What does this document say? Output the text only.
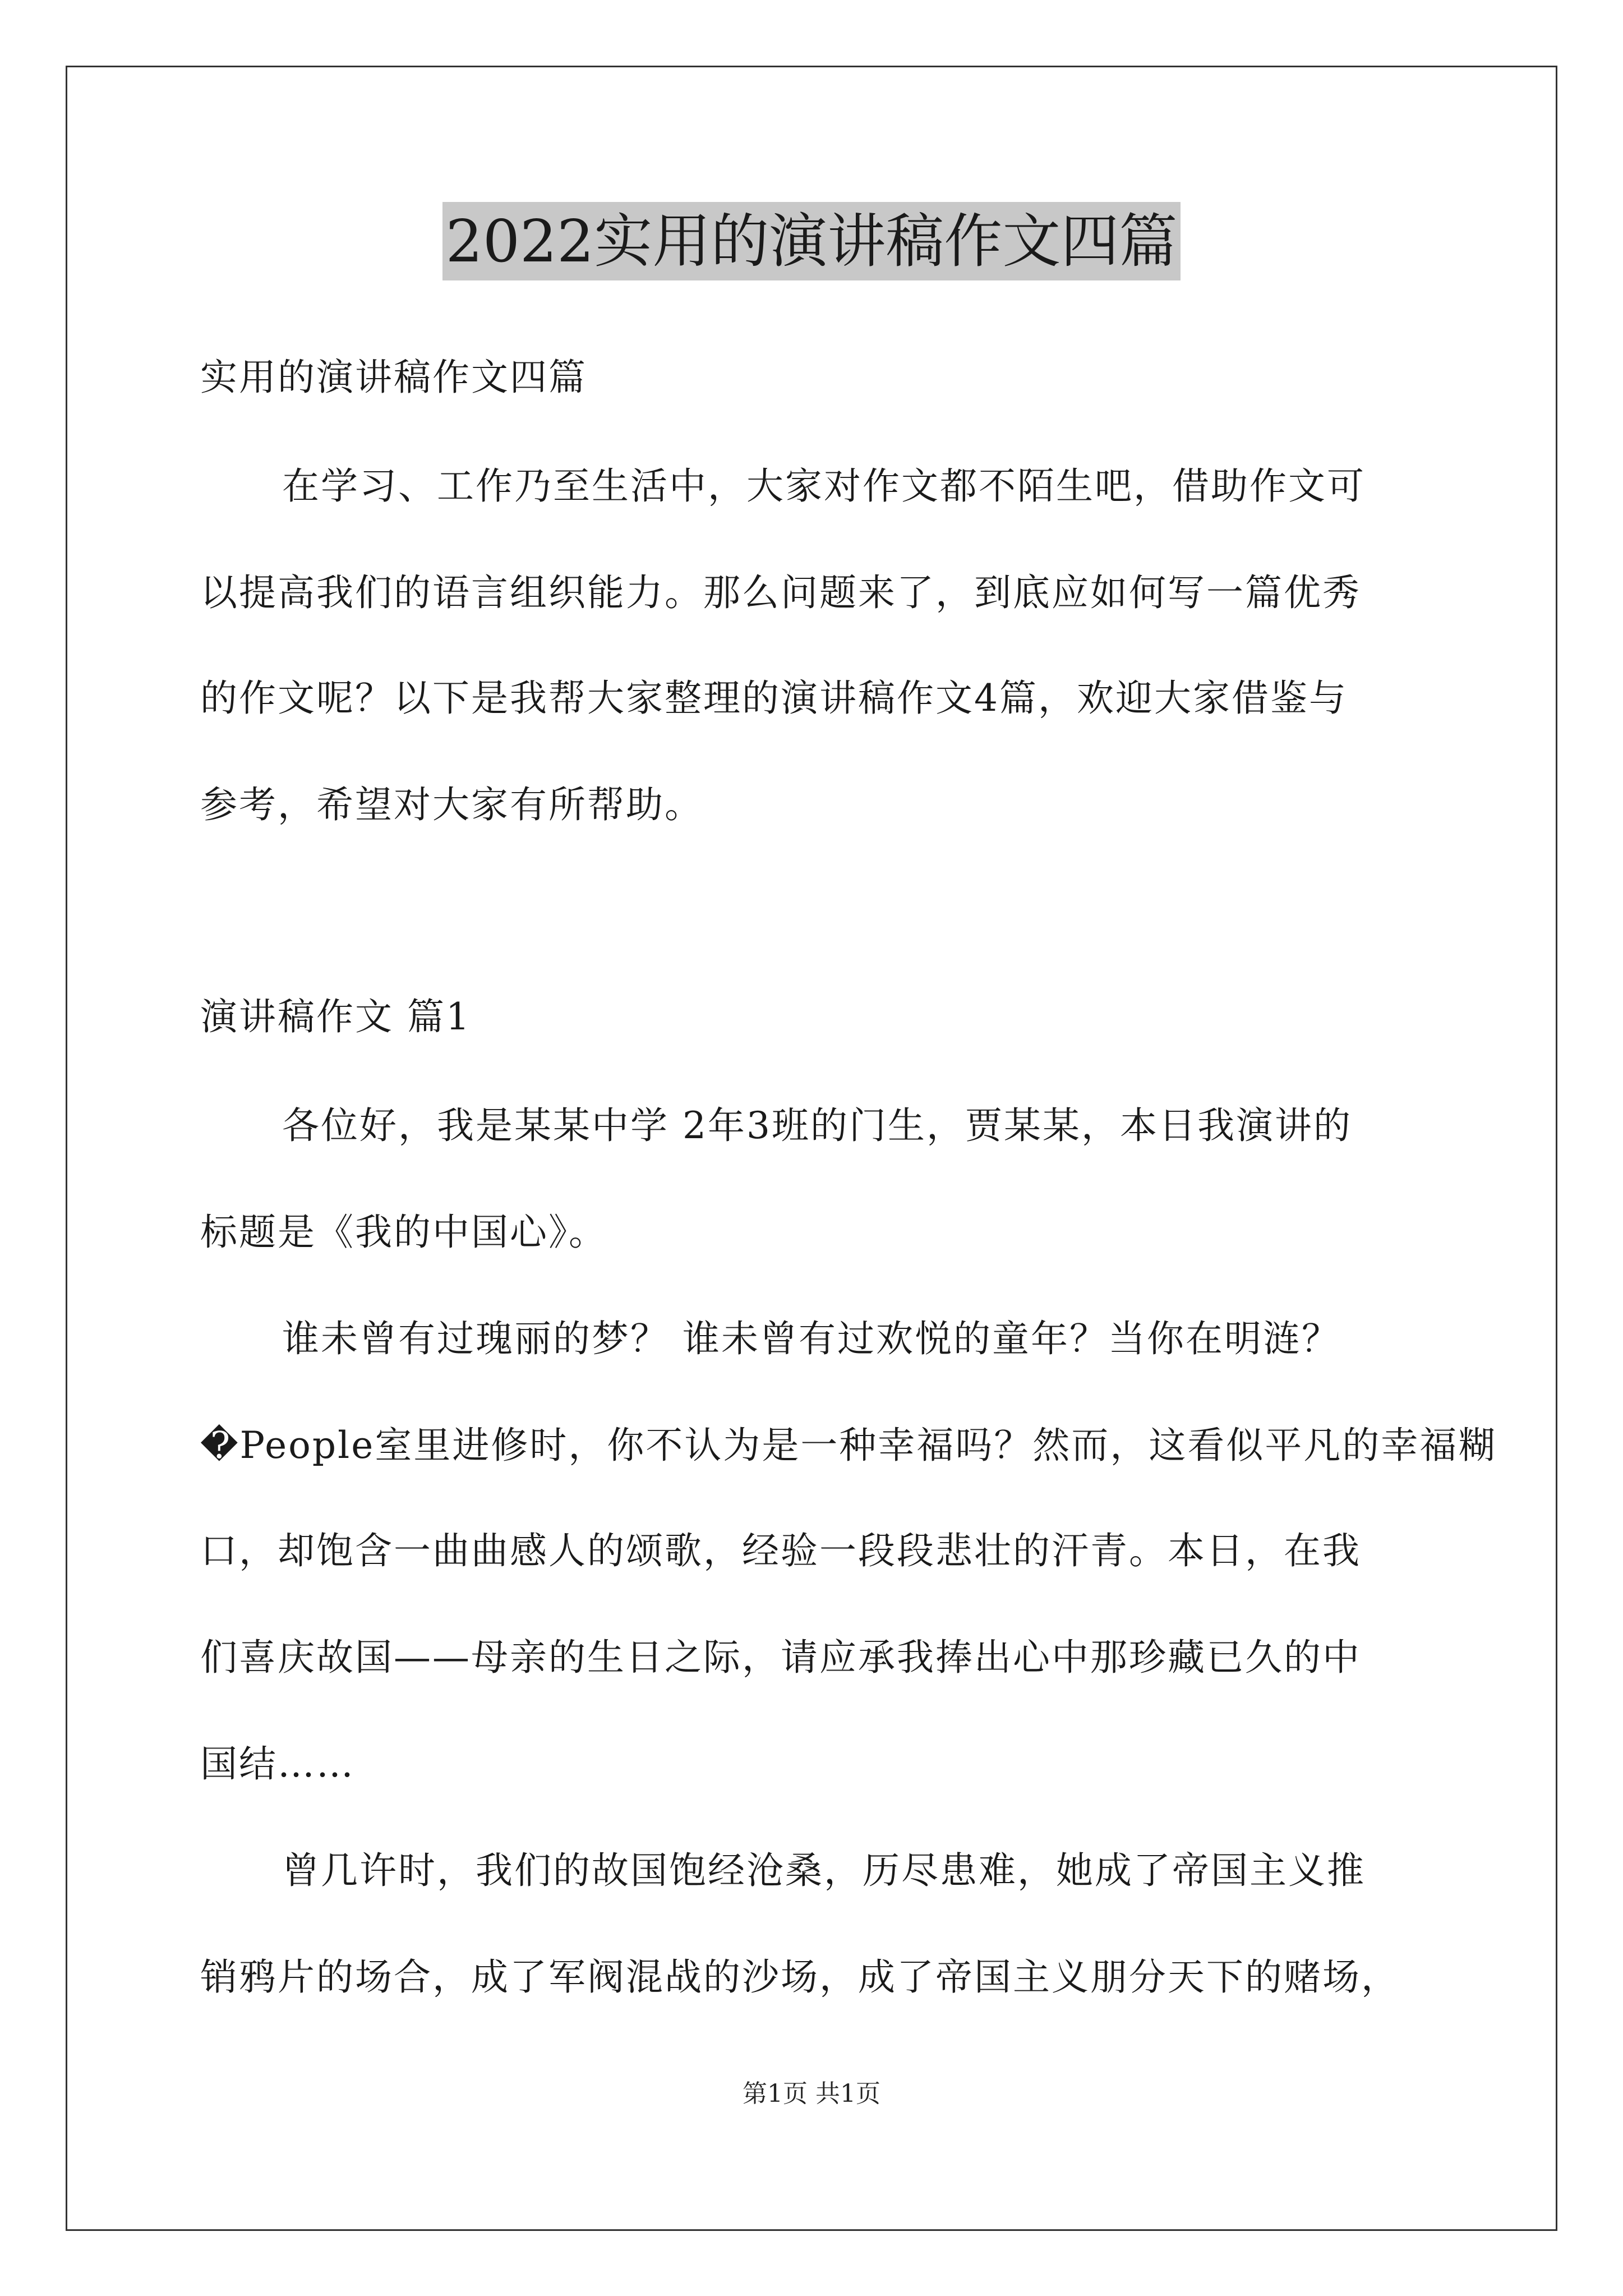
2022实用的演讲稿作文四篇
实用的演讲稿作文四篇
在学习、工作乃至生活中，大家对作文都不陌生吧，借助作文可
以提高我们的语言组织能力。那么问题来了，到底应如何写一篇优秀
的作文呢？以下是我帮大家整理的演讲稿作文4篇，欢迎大家借鉴与
参考，希望对大家有所帮助。
演讲稿作文 篇1
各位好，我是某某中学 2年3班的门生，贾某某，本日我演讲的
标题是《我的中国心》。
谁未曾有过瑰丽的梦？ 谁未曾有过欢悦的童年？当你在明涟？
�People室里进修时，你不认为是一种幸福吗？然而，这看似平凡的幸福糊
口，却饱含一曲曲感人的颂歌，经验一段段悲壮的汗青。本日，在我
们喜庆故国——母亲的生日之际，请应承我捧出心中那珍藏已久的中
国结……
曾几许时，我们的故国饱经沧桑，历尽患难，她成了帝国主义推
销鸦片的场合，成了军阀混战的沙场，成了帝国主义朋分天下的赌场，
第1页 共1页
